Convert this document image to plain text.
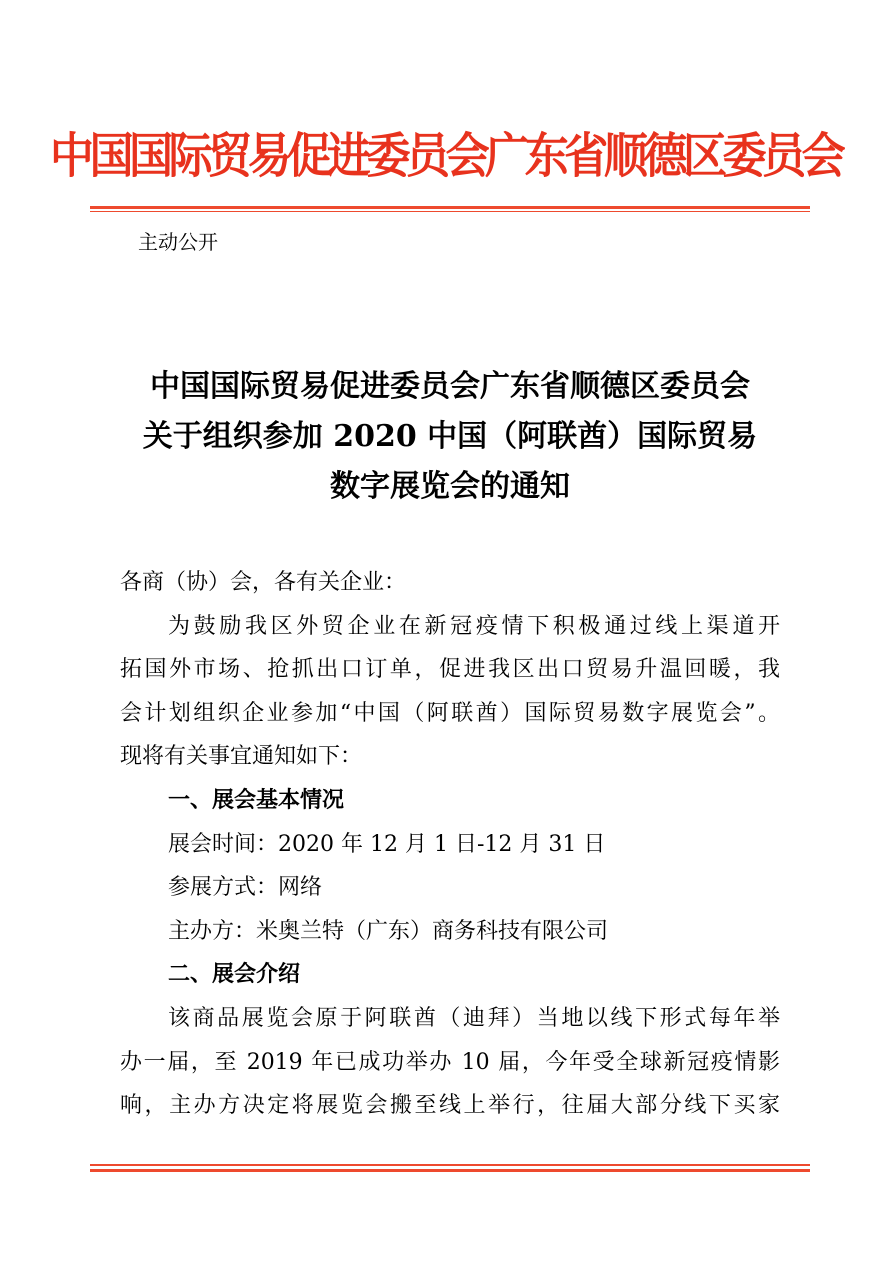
中国国际贸易促进委员会广东省顺德区委员会
主动公开
中国国际贸易促进委员会广东省顺德区委员会
关于组织参加 2020 中国（阿联酋）国际贸易
数字展览会的通知
各商（协）会，各有关企业：
为鼓励我区外贸企业在新冠疫情下积极通过线上渠道开
拓国外市场、抢抓出口订单，促进我区出口贸易升温回暖，我
会计划组织企业参加“中国（阿联酋）国际贸易数字展览会”。
现将有关事宜通知如下：
一、展会基本情况
展会时间：2020 年 12 月 1 日-12 月 31 日
参展方式：网络
主办方：米奥兰特（广东）商务科技有限公司
二、展会介绍
该商品展览会原于阿联酋（迪拜）当地以线下形式每年举
办一届，至 2019 年已成功举办 10 届，今年受全球新冠疫情影
响，主办方决定将展览会搬至线上举行，往届大部分线下买家
